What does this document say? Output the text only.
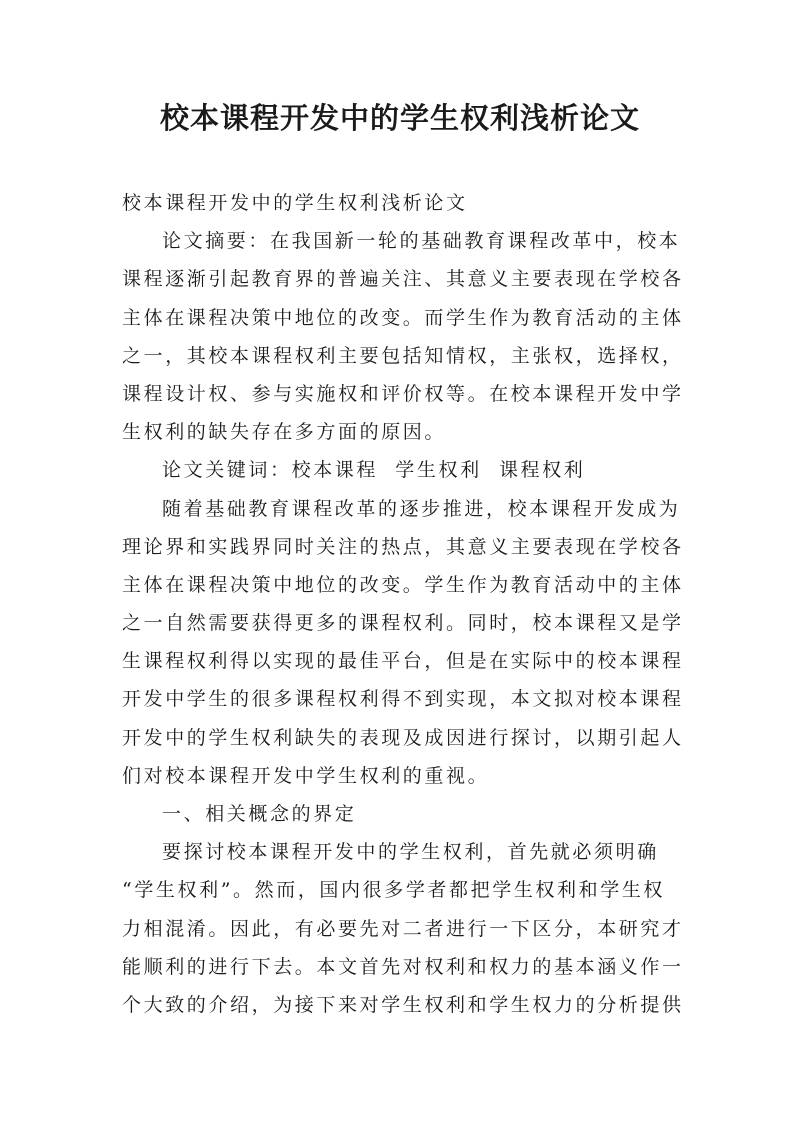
校本课程开发中的学生权利浅析论文
校本课程开发中的学生权利浅析论文
论文摘要：在我国新一轮的基础教育课程改革中，校本
课程逐渐引起教育界的普遍关注、其意义主要表现在学校各
主体在课程决策中地位的改变。而学生作为教育活动的主体
之一，其校本课程权利主要包括知情权，主张权，选择权，
课程设计权、参与实施权和评价权等。在校本课程开发中学
生权利的缺失存在多方面的原因。
论文关键词：校本课程  学生权利  课程权利
随着基础教育课程改革的逐步推进，校本课程开发成为
理论界和实践界同时关注的热点，其意义主要表现在学校各
主体在课程决策中地位的改变。学生作为教育活动中的主体
之一自然需要获得更多的课程权利。同时，校本课程又是学
生课程权利得以实现的最佳平台，但是在实际中的校本课程
开发中学生的很多课程权利得不到实现，本文拟对校本课程
开发中的学生权利缺失的表现及成因进行探讨，以期引起人
们对校本课程开发中学生权利的重视。
一、相关概念的界定
要探讨校本课程开发中的学生权利，首先就必须明确
“学生权利”。然而，国内很多学者都把学生权利和学生权
力相混淆。因此，有必要先对二者进行一下区分，本研究才
能顺利的进行下去。本文首先对权利和权力的基本涵义作一
个大致的介绍，为接下来对学生权利和学生权力的分析提供
